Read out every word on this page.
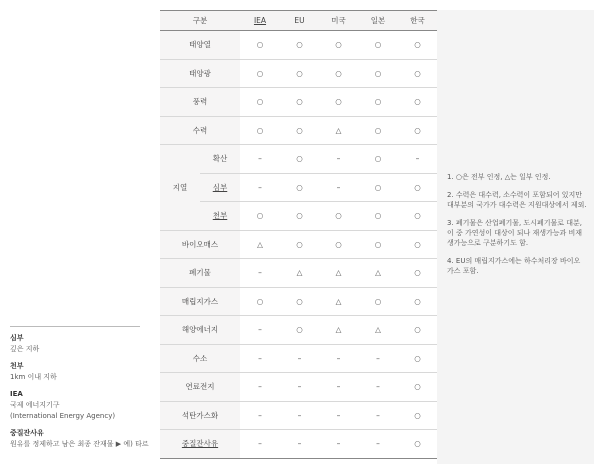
구분		IEA	EU	미국	일본	한국
태양열		○	○	○	○	○
태양광		○	○	○	○	○
풍력		○	○	○	○	○
수력		○	○	△	○	○
지열	확산	–	○	–	○	–
	심부	–	○	–	○	○
	천부	○	○	○	○	○
바이오매스		△	○	○	○	○
폐기물		–	△	△	△	○
매립지가스		○	○	△	○	○
해양에너지		–	○	△	△	○
수소		–	–	–	–	○
연료전지		–	–	–	–	○
석탄가스화		–	–	–	–	○
중질잔사유		–	–	–	–	○

1. ○은 전부 인정, △는 일부 인정.

2. 수력은 대수력, 소수력이 포함되어 있지만 대부분의 국가가 대수력은 지원대상에서 제외.

3. 폐기물은 산업폐기물, 도시폐기물로 대분, 이 중 가연성이 대상이 되나 재생가능과 비재생가능으로 구분하기도 함.

4. EU의 매립지가스에는 하수처리장 바이오가스 포함.

심부
깊은 지하
천부
1km 이내 지하
IEA
국제 에너지기구
(International Energy Agency)
중질잔사유
원유를 정제하고 남은 최종 잔재물 ▶ 예) 타르
